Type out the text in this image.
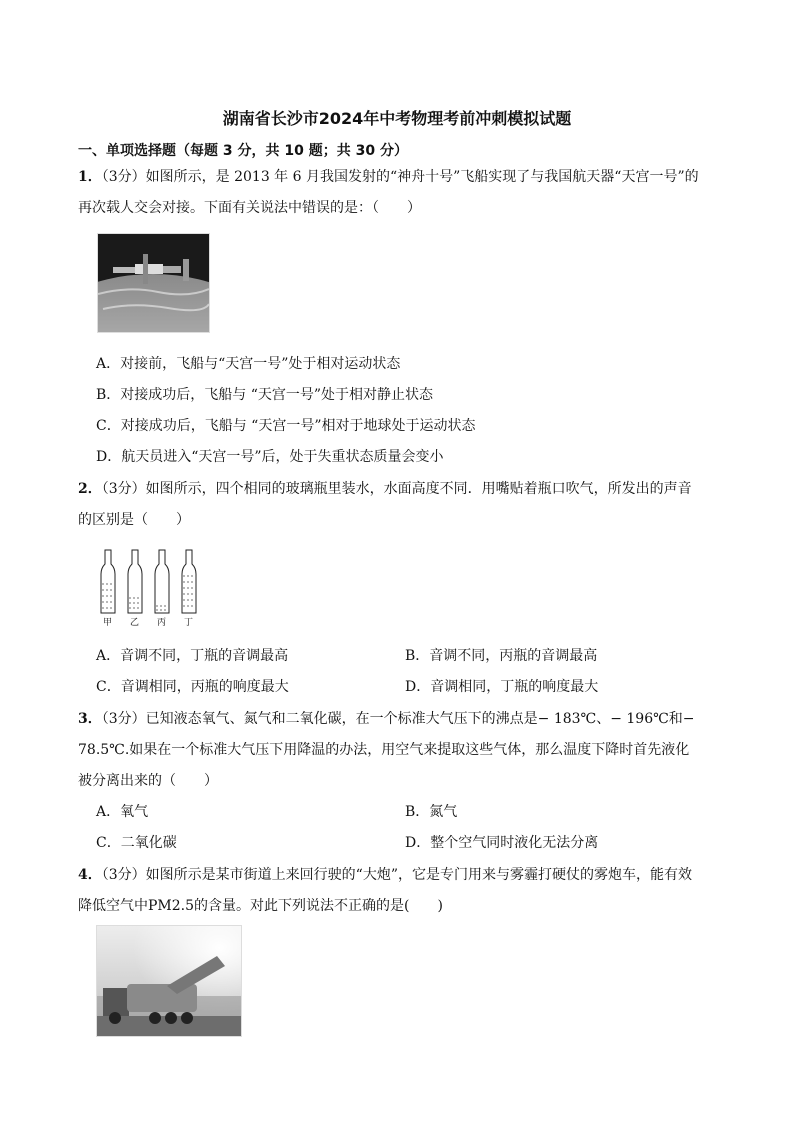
湖南省长沙市2024年中考物理考前冲刺模拟试题
一、单项选择题（每题 3 分，共 10 题；共 30 分）
1．（3分）如图所示，是 2013 年 6 月我国发射的“神舟十号”飞船实现了与我国航天器“天宫一号”的
再次载人交会对接。下面有关说法中错误的是：（　　）
A．对接前，飞船与“天宫一号”处于相对运动状态
B．对接成功后，飞船与 “天宫一号”处于相对静止状态
C．对接成功后，飞船与 “天宫一号”相对于地球处于运动状态
D．航天员进入“天宫一号”后，处于失重状态质量会变小
2．（3分）如图所示，四个相同的玻璃瓶里装水，水面高度不同．用嘴贴着瓶口吹气，所发出的声音
的区别是（　　）
甲 乙 丙 丁
A．音调不同，丁瓶的音调最高	B．音调不同，丙瓶的音调最高
C．音调相同，丙瓶的响度最大	D．音调相同，丁瓶的响度最大
3．（3分）已知液态氧气、氮气和二氧化碳，在一个标准大气压下的沸点是− 183℃、− 196℃和−
78.5℃.如果在一个标准大气压下用降温的办法，用空气来提取这些气体，那么温度下降时首先液化
被分离出来的（　　）
A．氧气	B．氮气
C．二氧化碳	D．整个空气同时液化无法分离
4．（3分）如图所示是某市街道上来回行驶的“大炮”，它是专门用来与雾霾打硬仗的雾炮车，能有效
降低空气中PM2.5的含量。对此下列说法不正确的是(　　)
